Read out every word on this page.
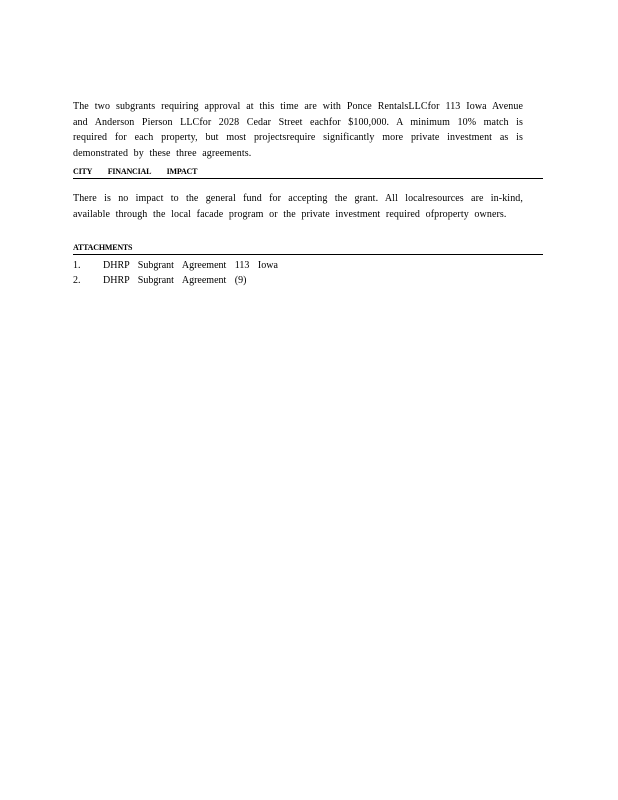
The two subgrants requiring approval at this time are with Ponce RentalsLLCfor 113 Iowa Avenue and Anderson Pierson LLCfor 2028 Cedar Street eachfor $100,000. A minimum 10% match is required for each property, but most projectsrequire significantly more private investment as is demonstrated by these three agreements.

CITY FINANCIAL IMPACT

There is no impact to the general fund for accepting the grant. All localresources are in-kind, available through the local facade program or the private investment required ofproperty owners.

ATTACHMENTS
1.	DHRP Subgrant Agreement 113 Iowa
2.	DHRP Subgrant Agreement (9)
